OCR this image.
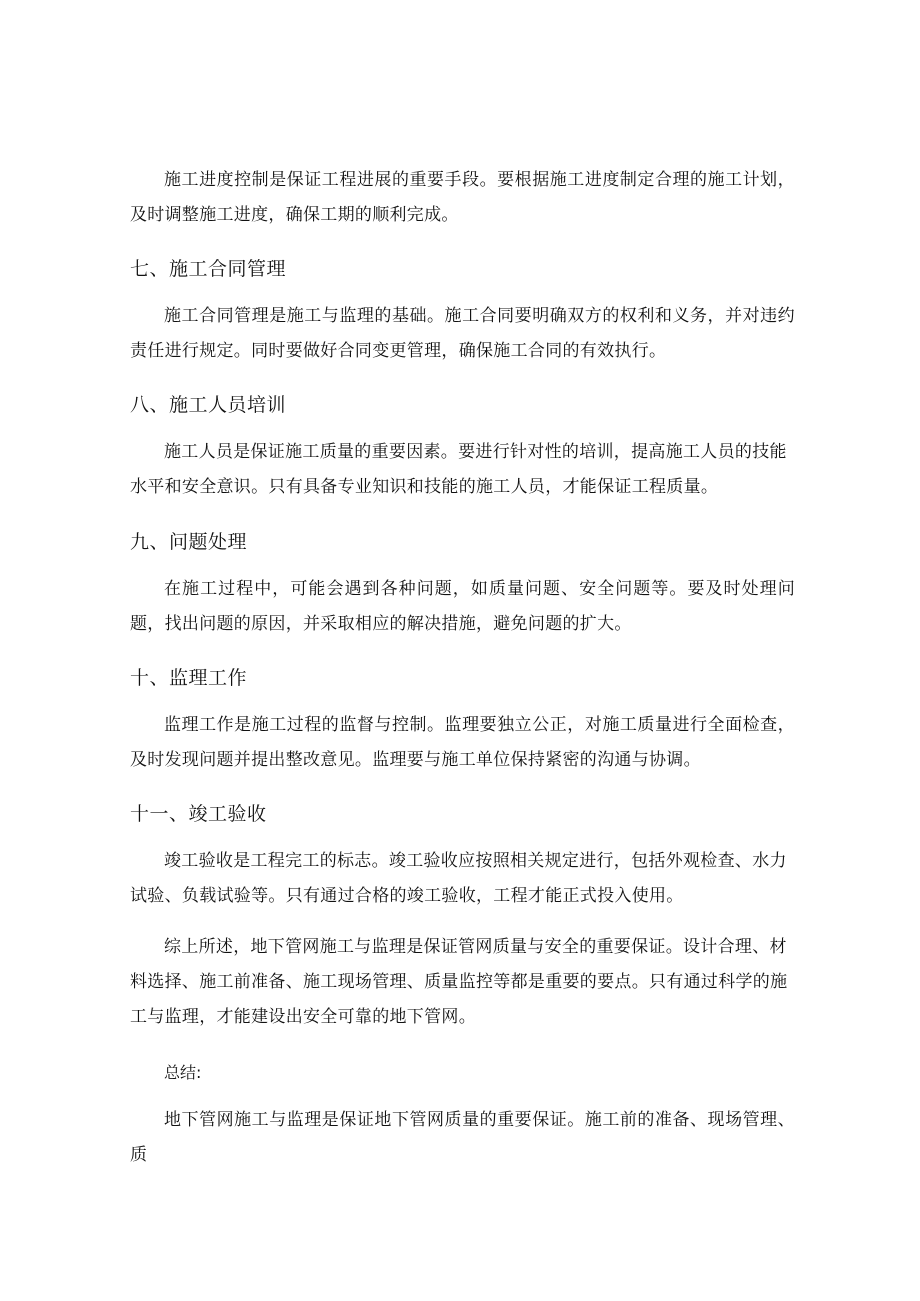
施工进度控制是保证工程进展的重要手段。要根据施工进度制定合理的施工计划，及时调整施工进度，确保工期的顺利完成。

七、施工合同管理

施工合同管理是施工与监理的基础。施工合同要明确双方的权利和义务，并对违约责任进行规定。同时要做好合同变更管理，确保施工合同的有效执行。

八、施工人员培训

施工人员是保证施工质量的重要因素。要进行针对性的培训，提高施工人员的技能

水平和安全意识。只有具备专业知识和技能的施工人员，才能保证工程质量。

九、问题处理

在施工过程中，可能会遇到各种问题，如质量问题、安全问题等。要及时处理问题，找出问题的原因，并采取相应的解决措施，避免问题的扩大。

十、监理工作

监理工作是施工过程的监督与控制。监理要独立公正，对施工质量进行全面检查，及时发现问题并提出整改意见。监理要与施工单位保持紧密的沟通与协调。

十一、竣工验收

竣工验收是工程完工的标志。竣工验收应按照相关规定进行，包括外观检查、水力

试验、负载试验等。只有通过合格的竣工验收，工程才能正式投入使用。

综上所述，地下管网施工与监理是保证管网质量与安全的重要保证。设计合理、材

料选择、施工前准备、施工现场管理、质量监控等都是重要的要点。只有通过科学的施

工与监理，才能建设出安全可靠的地下管网。

总结:

地下管网施工与监理是保证地下管网质量的重要保证。施工前的准备、现场管理、质
